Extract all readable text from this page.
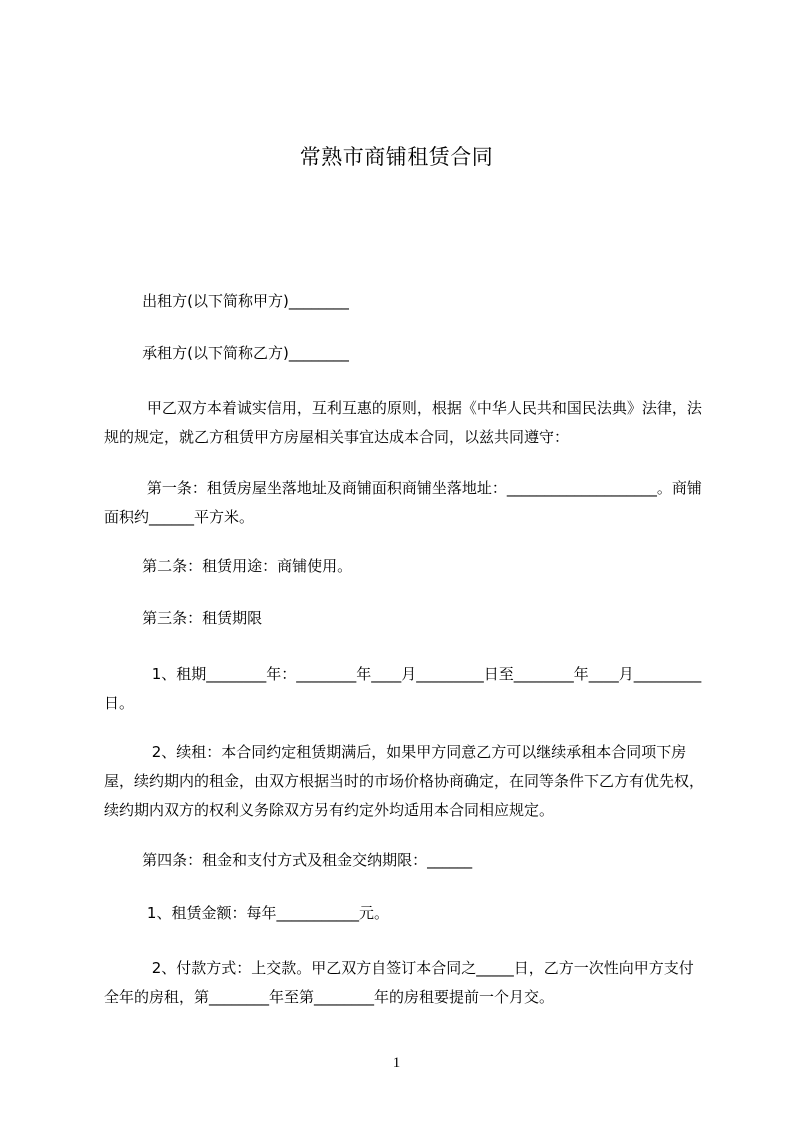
常熟市商铺租赁合同
出租方(以下简称甲方)________
承租方(以下简称乙方)________
甲乙双方本着诚实信用，互利互惠的原则，根据《中华人民共和国民法典》法律，法规的规定，就乙方租赁甲方房屋相关事宜达成本合同，以兹共同遵守：
第一条：租赁房屋坐落地址及商铺面积商铺坐落地址：____________________。商铺面积约______平方米。
第二条：租赁用途：商铺使用。
第三条：租赁期限
1、租期________年：________年____月_________日至________年____月_________日。
2、续租：本合同约定租赁期满后，如果甲方同意乙方可以继续承租本合同项下房屋，续约期内的租金，由双方根据当时的市场价格协商确定，在同等条件下乙方有优先权，续约期内双方的权利义务除双方另有约定外均适用本合同相应规定。
第四条：租金和支付方式及租金交纳期限：______
1、租赁金额：每年___________元。
2、付款方式：上交款。甲乙双方自签订本合同之_____日，乙方一次性向甲方支付全年的房租，第________年至第________年的房租要提前一个月交。
1
